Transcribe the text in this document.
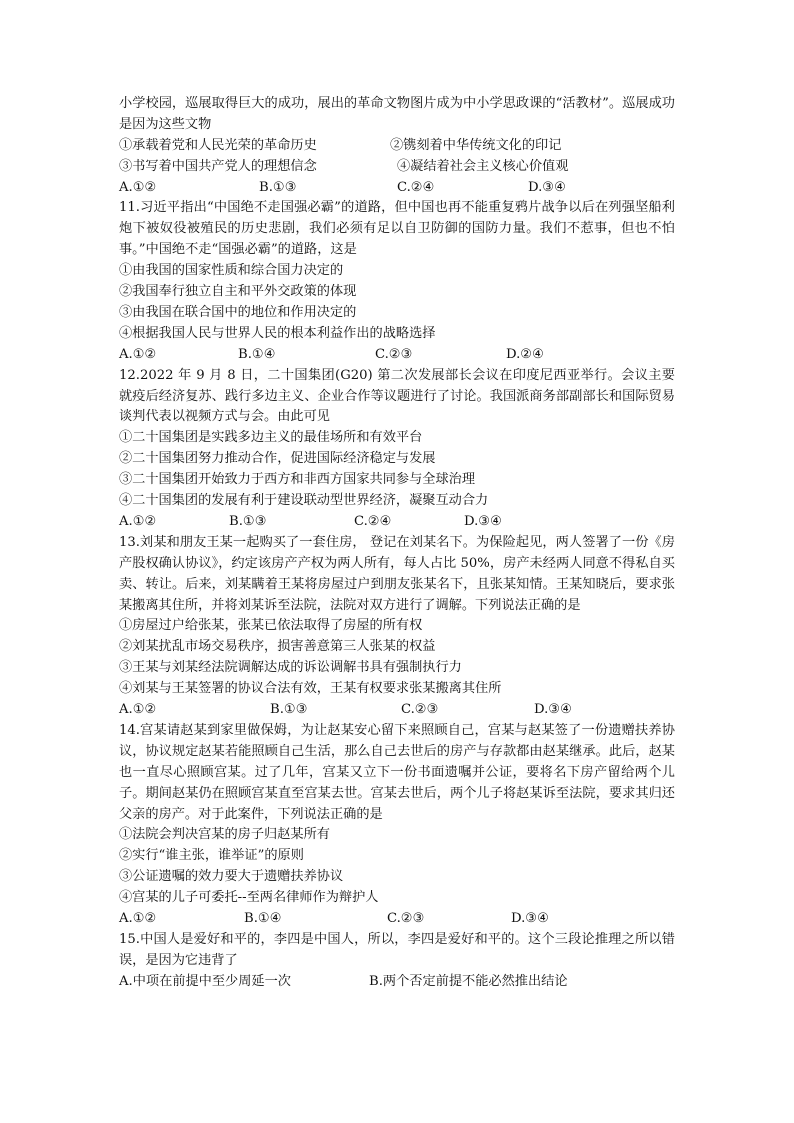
小学校园，巡展取得巨大的成功，展出的革命文物图片成为中小学思政课的“活教材”。巡展成功是因为这些文物
①承载着党和人民光荣的革命历史	②镌刻着中华传统文化的印记
③书写着中国共产党人的理想信念	④凝结着社会主义核心价值观
A.①②	B.①③	C.②④	D.③④
11.习近平指出“中国绝不走国强必霸”的道路，但中国也再不能重复鸦片战争以后在列强坚船利炮下被奴役被殖民的历史悲剧，我们必须有足以自卫防御的国防力量。我们不惹事，但也不怕事。”中国绝不走“国强必霸”的道路，这是
①由我国的国家性质和综合国力决定的
②我国奉行独立自主和平外交政策的体现
③由我国在联合国中的地位和作用决定的
④根据我国人民与世界人民的根本利益作出的战略选择
A.①②	B.①④	C.②③	D.②④
12.2022 年 9 月 8 日，二十国集团(G20) 第二次发展部长会议在印度尼西亚举行。会议主要就疫后经济复苏、践行多边主义、企业合作等议题进行了讨论。我国派商务部副部长和国际贸易谈判代表以视频方式与会。由此可见
①二十国集团是实践多边主义的最佳场所和有效平台
②二十国集团努力推动合作，促进国际经济稳定与发展
③二十国集团开始致力于西方和非西方国家共同参与全球治理
④二十国集团的发展有利于建设联动型世界经济，凝聚互动合力
A.①②	B.①③	C.②④	D.③④
13.刘某和朋友王某一起购买了一套住房， 登记在刘某名下。为保险起见，两人签署了一份《房产股权确认协议》，约定该房产产权为两人所有，每人占比 50%，房产未经两人同意不得私自买卖、转让。后来，刘某瞒着王某将房屋过户到朋友张某名下，且张某知情。王某知晓后，要求张某搬离其住所，并将刘某诉至法院，法院对双方进行了调解。下列说法正确的是
①房屋过户给张某，张某已依法取得了房屋的所有权
②刘某扰乱市场交易秩序，损害善意第三人张某的权益
③王某与刘某经法院调解达成的诉讼调解书具有强制执行力
④刘某与王某签署的协议合法有效，王某有权要求张某搬离其住所
A.①②	B.①③	C.②③	D.③④
14.宫某请赵某到家里做保姆，为让赵某安心留下来照顾自己，宫某与赵某签了一份遗赠扶养协议，协议规定赵某若能照顾自己生活，那么自己去世后的房产与存款都由赵某继承。此后，赵某也一直尽心照顾宫某。过了几年，宫某又立下一份书面遗嘱并公证，要将名下房产留给两个儿子。期间赵某仍在照顾宫某直至宫某去世。宫某去世后，两个儿子将赵某诉至法院，要求其归还父亲的房产。对于此案件，下列说法正确的是
①法院会判决宫某的房子归赵某所有
②实行“谁主张，谁举证”的原则
③公证遗嘱的效力要大于遗赠扶养协议
④宫某的儿子可委托--至两名律师作为辩护人
A.①②	B.①④	C.②③	D.③④
15.中国人是爱好和平的，李四是中国人，所以，李四是爱好和平的。这个三段论推理之所以错误，是因为它违背了
A.中项在前提中至少周延一次	B.两个否定前提不能必然推出结论
